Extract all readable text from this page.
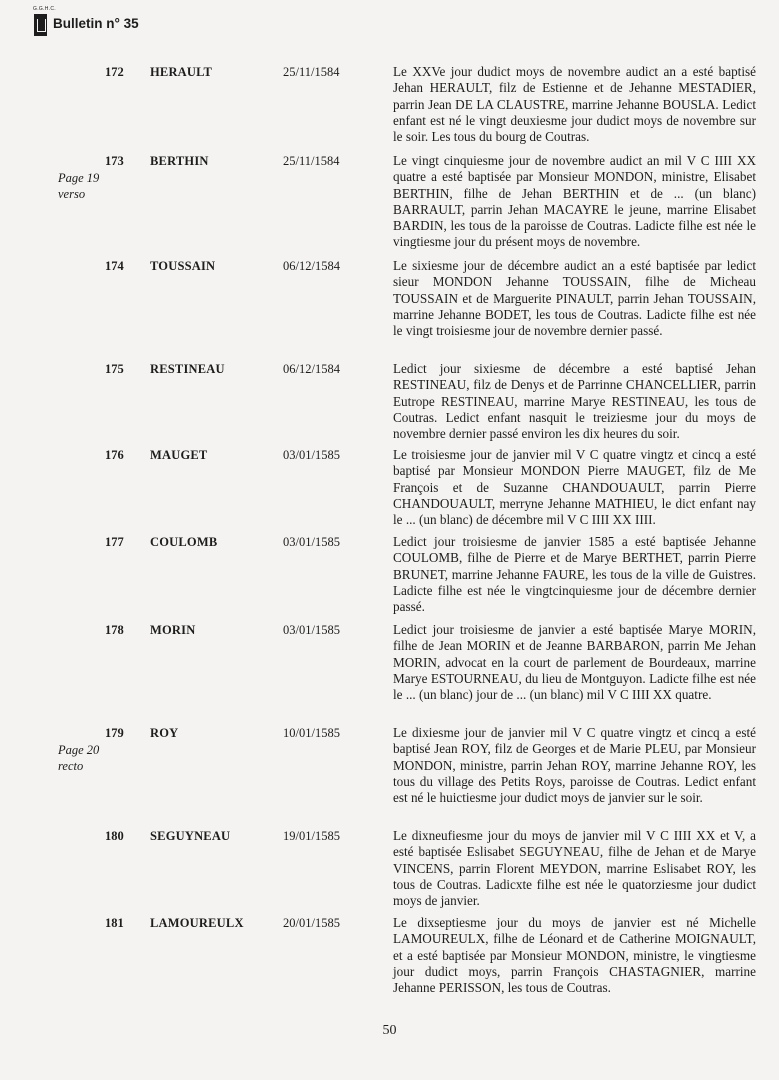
G.G.H.C.
Bulletin n° 35
172 HERAULT	25/11/1584	Le XXVe jour dudict moys de novembre audict an a esté baptisé Jehan HERAULT, filz de Estienne et de Jehanne MESTADIER, parrin Jean DE LA CLAUSTRE, marrine Jehanne BOUSLA. Ledict enfant est né le vingt deuxiesme jour dudict moys de novembre sur le soir. Les tous du bourg de Coutras.

Page 19
verso

173 BERTHIN	25/11/1584	Le vingt cinquiesme jour de novembre audict an mil V C IIII XX quatre a esté baptisée par Monsieur MONDON, ministre, Elisabet BERTHIN, filhe de Jehan BERTHIN et de ... (un blanc) BARRAULT, parrin Jehan MACAYRE le jeune, marrine Elisabet BARDIN, les tous de la paroisse de Coutras. Ladicte filhe est née le vingtiesme jour du présent moys de novembre.
174 TOUSSAIN	06/12/1584	Le sixiesme jour de décembre audict an a esté baptisée par ledict sieur MONDON Jehanne TOUSSAIN, filhe de Micheau TOUSSAIN et de Marguerite PINAULT, parrin Jehan TOUSSAIN, marrine Jehanne BODET, les tous de Coutras. Ladicte filhe est née le vingt troisiesme jour de novembre dernier passé.
175 RESTINEAU	06/12/1584	Ledict jour sixiesme de décembre a esté baptisé Jehan RESTINEAU, filz de Denys et de Parrinne CHANCELLIER, parrin Eutrope RESTINEAU, marrine Marye RESTINEAU, les tous de Coutras. Ledict enfant nasquit le treiziesme jour du moys de novembre dernier passé environ les dix heures du soir.
176 MAUGET	03/01/1585	Le troisiesme jour de janvier mil V C quatre vingtz et cincq a esté baptisé par Monsieur MONDON Pierre MAUGET, filz de Me François et de Suzanne CHANDOUAULT, parrin Pierre CHANDOUAULT, merryne Jehanne MATHIEU, le dict enfant nay le ... (un blanc) de décembre mil V C IIII XX IIII.
177 COULOMB	03/01/1585	Ledict jour troisiesme de janvier 1585 a esté baptisée Jehanne COULOMB, filhe de Pierre et de Marye BERTHET, parrin Pierre BRUNET, marrine Jehanne FAURE, les tous de la ville de Guistres. Ladicte filhe est née le vingtcinquiesme jour de décembre dernier passé.
178 MORIN	03/01/1585	Ledict jour troisiesme de janvier a esté baptisée Marye MORIN, filhe de Jean MORIN et de Jeanne BARBARON, parrin Me Jehan MORIN, advocat en la court de parlement de Bourdeaux, marrine Marye ESTOURNEAU, du lieu de Montguyon. Ladicte filhe est née le ... (un blanc) jour de ... (un blanc) mil V C IIII XX quatre.

Page 20
recto

179 ROY	10/01/1585	Le dixiesme jour de janvier mil V C quatre vingtz et cincq a esté baptisé Jean ROY, filz de Georges et de Marie PLEU, par Monsieur MONDON, ministre, parrin Jehan ROY, marrine Jehanne ROY, les tous du village des Petits Roys, paroisse de Coutras. Ledict enfant est né le huictiesme jour dudict moys de janvier sur le soir.
180 SEGUYNEAU	19/01/1585	Le dixneufiesme jour du moys de janvier mil V C IIII XX et V, a esté baptisée Eslisabet SEGUYNEAU, filhe de Jehan et de Marye VINCENS, parrin Florent MEYDON, marrine Eslisabet ROY, les tous de Coutras. Ladicxte filhe est née le quatorziesme jour dudict moys de janvier.
181 LAMOUREULX	20/01/1585	Le dixseptiesme jour du moys de janvier est né Michelle LAMOUREULX, filhe de Léonard et de Catherine MOIGNAULT, et a esté baptisée par Monsieur MONDON, ministre, le vingtiesme jour dudict moys, parrin François CHASTAGNIER, marrine Jehanne PERISSON, les tous de Coutras.
50
